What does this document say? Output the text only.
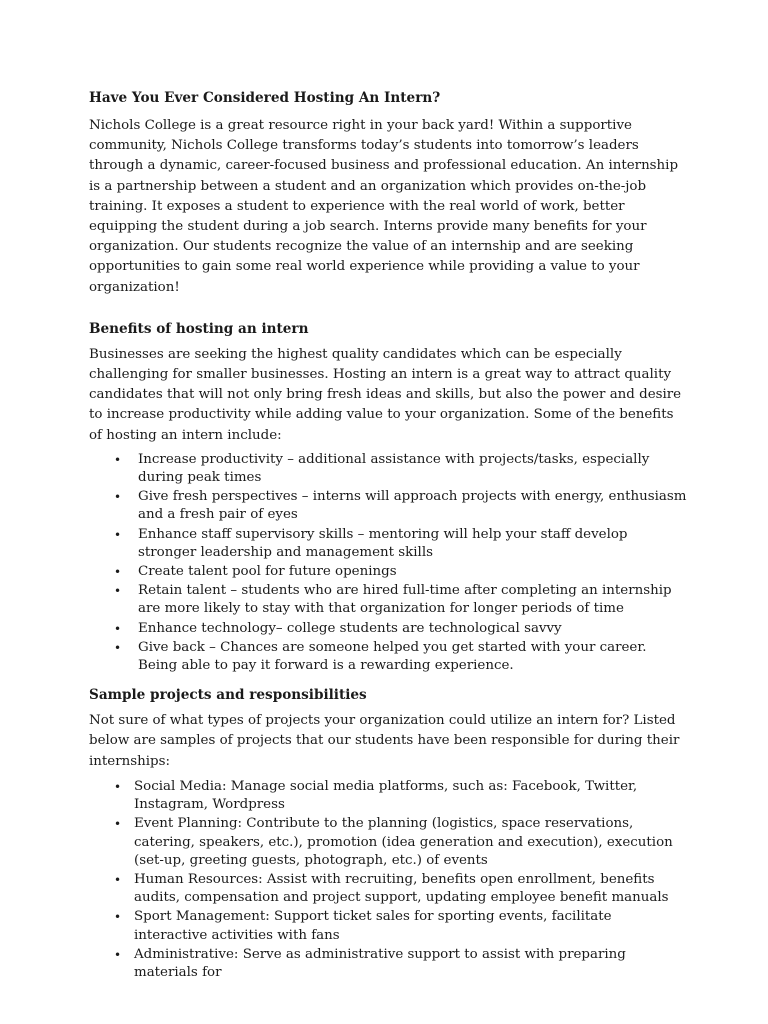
Have You Ever Considered Hosting An Intern?

Nichols College is a great resource right in your back yard! Within a supportive community, Nichols College transforms today’s students into tomorrow’s leaders through a dynamic, career-focused business and professional education. An internship is a partnership between a student and an organization which provides on-the-job training. It exposes a student to experience with the real world of work, better equipping the student during a job search. Interns provide many benefits for your organization. Our students recognize the value of an internship and are seeking opportunities to gain some real world experience while providing a value to your organization!

Benefits of hosting an intern

Businesses are seeking the highest quality candidates which can be especially challenging for smaller businesses. Hosting an intern is a great way to attract quality candidates that will not only bring fresh ideas and skills, but also the power and desire to increase productivity while adding value to your organization. Some of the benefits of hosting an intern include:

• Increase productivity – additional assistance with projects/tasks, especially during peak times
• Give fresh perspectives – interns will approach projects with energy, enthusiasm and a fresh pair of eyes
• Enhance staff supervisory skills – mentoring will help your staff develop stronger leadership and management skills
• Create talent pool for future openings
• Retain talent – students who are hired full-time after completing an internship are more likely to stay with that organization for longer periods of time
• Enhance technology– college students are technological savvy
• Give back – Chances are someone helped you get started with your career. Being able to pay it forward is a rewarding experience.
Sample projects and responsibilities

Not sure of what types of projects your organization could utilize an intern for? Listed below are samples of projects that our students have been responsible for during their internships:

• Social Media: Manage social media platforms, such as: Facebook, Twitter, Instagram, Wordpress
• Event Planning: Contribute to the planning (logistics, space reservations, catering, speakers, etc.), promotion (idea generation and execution), execution (set-up, greeting guests, photograph, etc.) of events
• Human Resources: Assist with recruiting, benefits open enrollment, benefits audits, compensation and project support, updating employee benefit manuals
• Sport Management: Support ticket sales for sporting events, facilitate interactive activities with fans
• Administrative: Serve as administrative support to assist with preparing materials for
